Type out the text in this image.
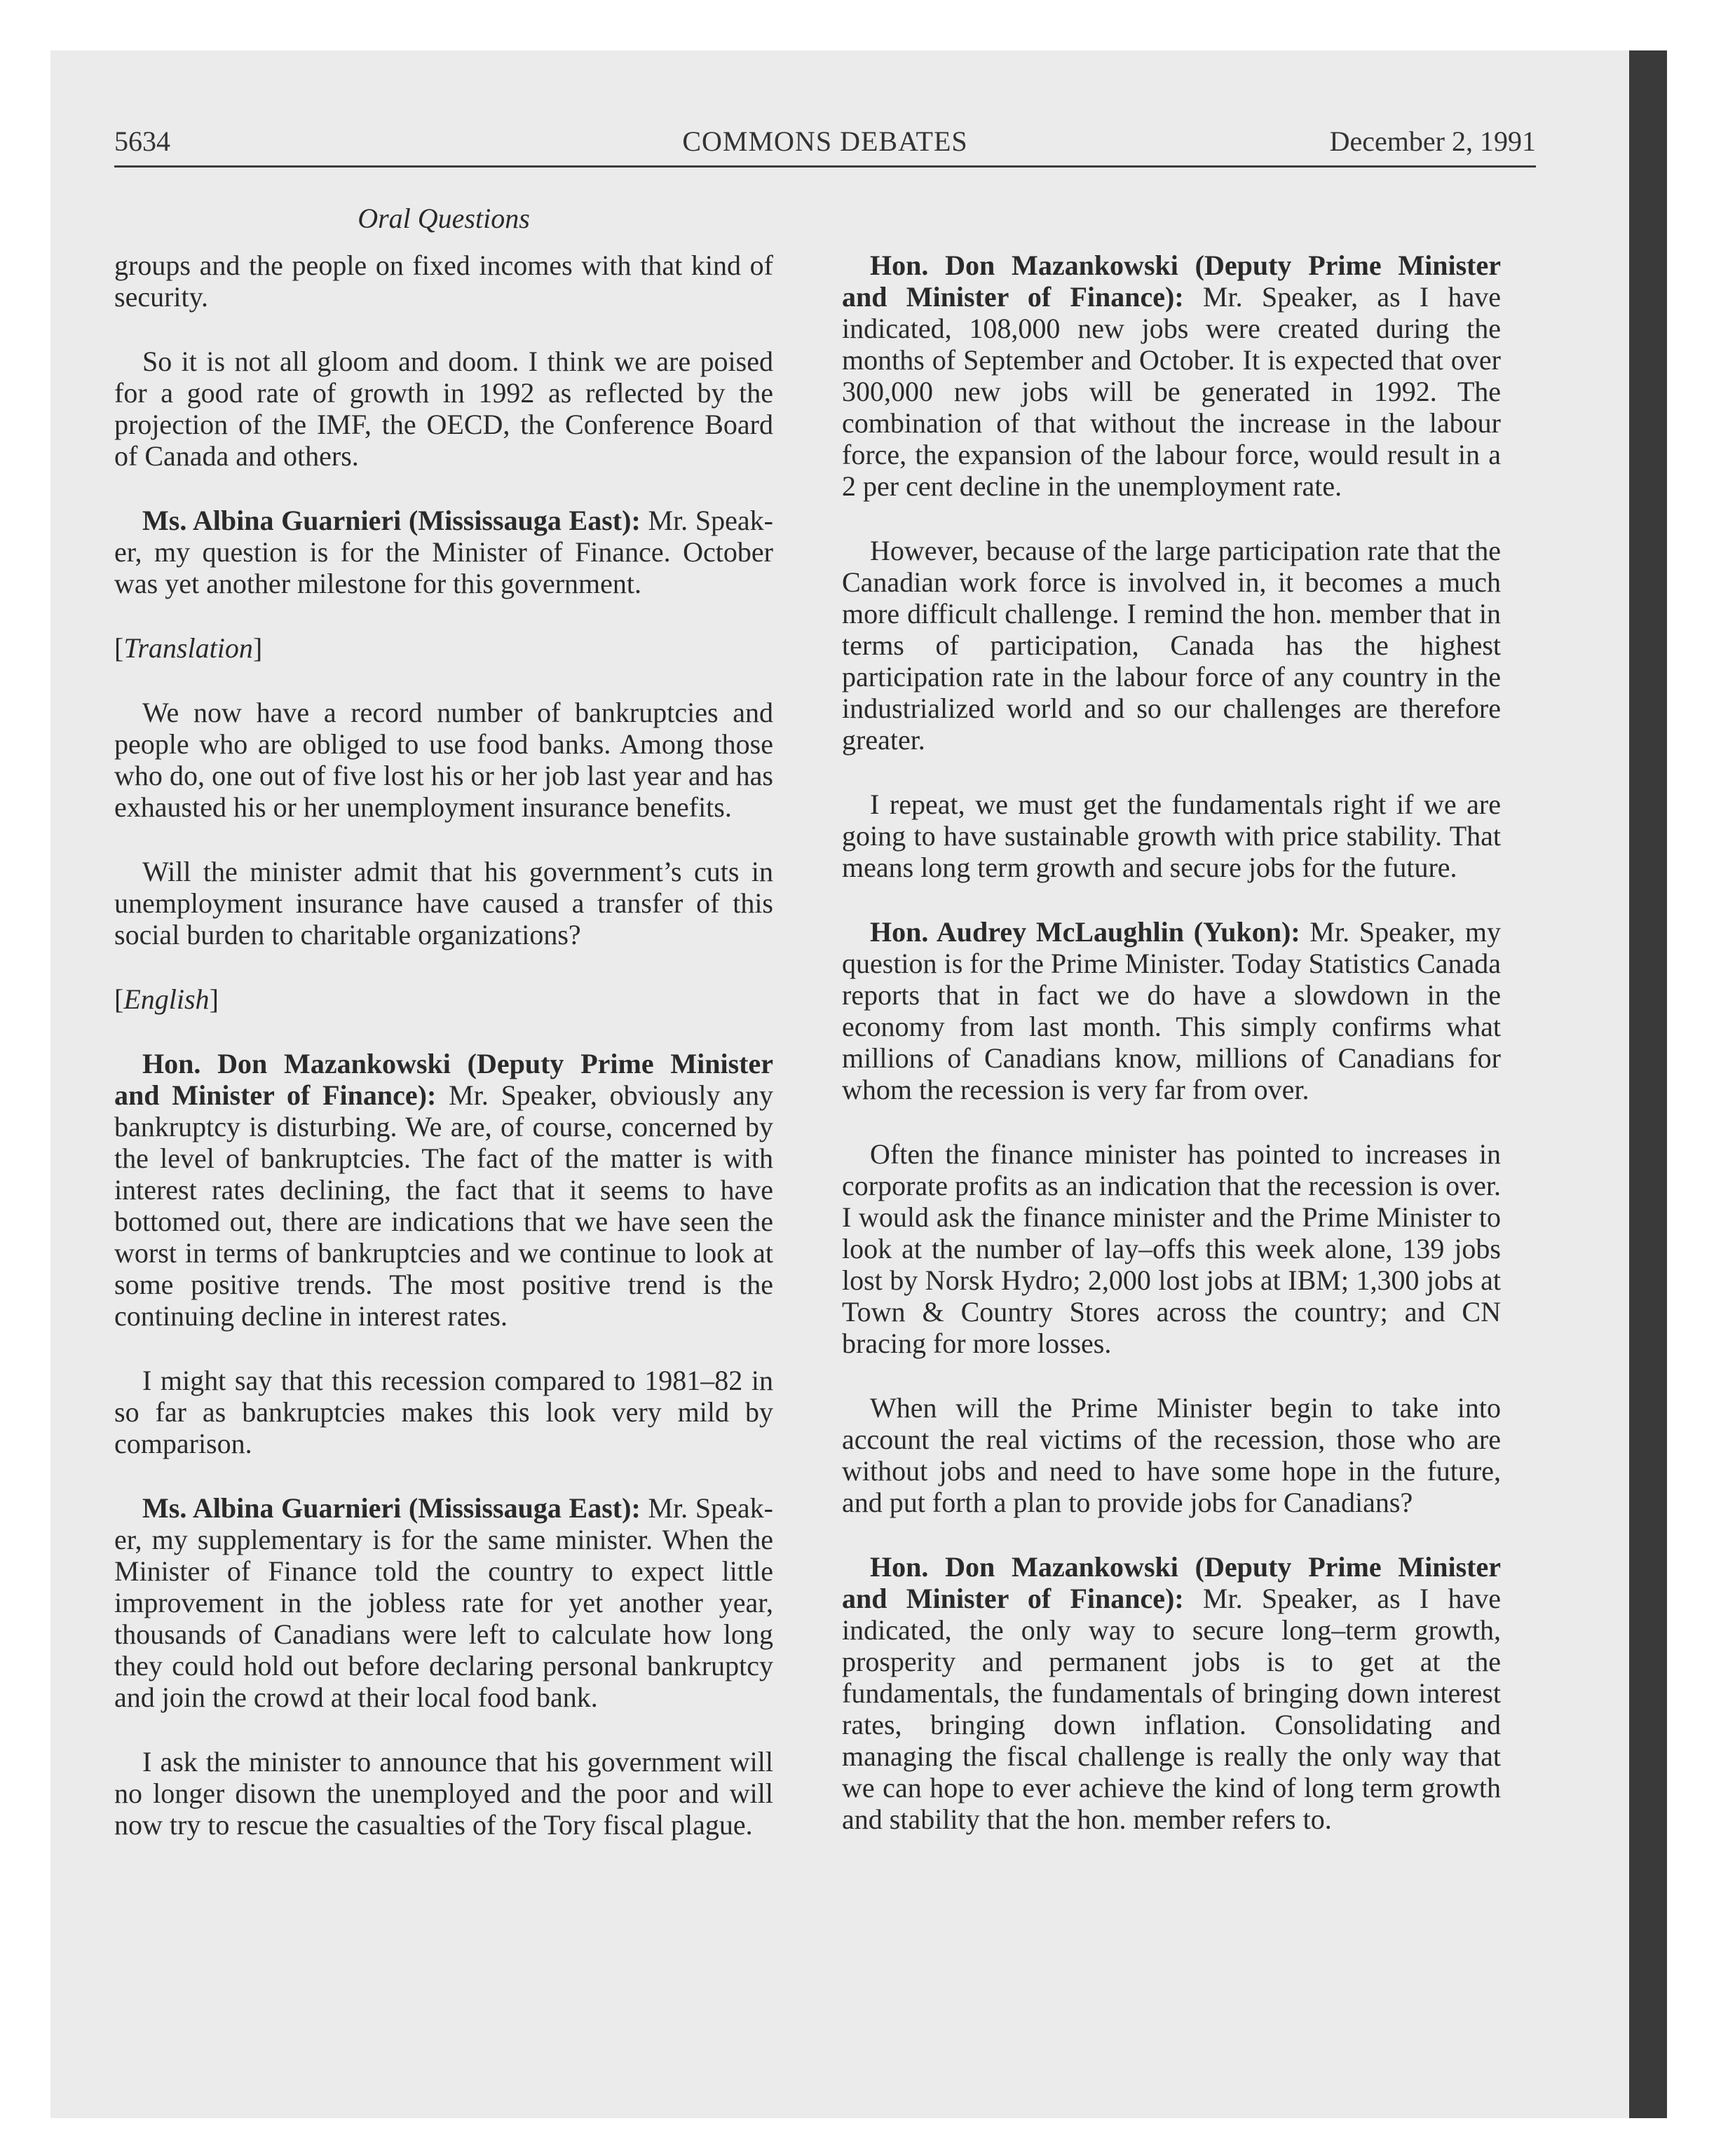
5634	COMMONS DEBATES	December 2, 1991
Oral Questions

groups and the people on fixed incomes with that kind of security.

So it is not all gloom and doom. I think we are poised for a good rate of growth in 1992 as reflected by the projection of the IMF, the OECD, the Conference Board of Canada and others.

Ms. Albina Guarnieri (Mississauga East): Mr. Speaker, my question is for the Minister of Finance. October was yet another milestone for this government.

[Translation]

We now have a record number of bankruptcies and people who are obliged to use food banks. Among those who do, one out of five lost his or her job last year and has exhausted his or her unemployment insurance benefits.

Will the minister admit that his government’s cuts in unemployment insurance have caused a transfer of this social burden to charitable organizations?

[English]

Hon. Don Mazankowski (Deputy Prime Minister and Minister of Finance): Mr. Speaker, obviously any bankruptcy is disturbing. We are, of course, concerned by the level of bankruptcies. The fact of the matter is with interest rates declining, the fact that it seems to have bottomed out, there are indications that we have seen the worst in terms of bankruptcies and we continue to look at some positive trends. The most positive trend is the continuing decline in interest rates.

I might say that this recession compared to 1981–82 in so far as bankruptcies makes this look very mild by comparison.

Ms. Albina Guarnieri (Mississauga East): Mr. Speaker, my supplementary is for the same minister. When the Minister of Finance told the country to expect little improvement in the jobless rate for yet another year, thousands of Canadians were left to calculate how long they could hold out before declaring personal bankruptcy and join the crowd at their local food bank.

I ask the minister to announce that his government will no longer disown the unemployed and the poor and will now try to rescue the casualties of the Tory fiscal plague.

Hon. Don Mazankowski (Deputy Prime Minister and Minister of Finance): Mr. Speaker, as I have indicated, 108,000 new jobs were created during the months of September and October. It is expected that over 300,000 new jobs will be generated in 1992. The combination of that without the increase in the labour force, the expansion of the labour force, would result in a 2 per cent decline in the unemployment rate.

However, because of the large participation rate that the Canadian work force is involved in, it becomes a much more difficult challenge. I remind the hon. member that in terms of participation, Canada has the highest participation rate in the labour force of any country in the industrialized world and so our challenges are therefore greater.

I repeat, we must get the fundamentals right if we are going to have sustainable growth with price stability. That means long term growth and secure jobs for the future.

Hon. Audrey McLaughlin (Yukon): Mr. Speaker, my question is for the Prime Minister. Today Statistics Canada reports that in fact we do have a slowdown in the economy from last month. This simply confirms what millions of Canadians know, millions of Canadians for whom the recession is very far from over.

Often the finance minister has pointed to increases in corporate profits as an indication that the recession is over. I would ask the finance minister and the Prime Minister to look at the number of lay–offs this week alone, 139 jobs lost by Norsk Hydro; 2,000 lost jobs at IBM; 1,300 jobs at Town & Country Stores across the country; and CN bracing for more losses.

When will the Prime Minister begin to take into account the real victims of the recession, those who are without jobs and need to have some hope in the future, and put forth a plan to provide jobs for Canadians?

Hon. Don Mazankowski (Deputy Prime Minister and Minister of Finance): Mr. Speaker, as I have indicated, the only way to secure long–term growth, prosperity and permanent jobs is to get at the fundamentals, the fundamentals of bringing down interest rates, bringing down inflation. Consolidating and managing the fiscal challenge is really the only way that we can hope to ever achieve the kind of long term growth and stability that the hon. member refers to.
